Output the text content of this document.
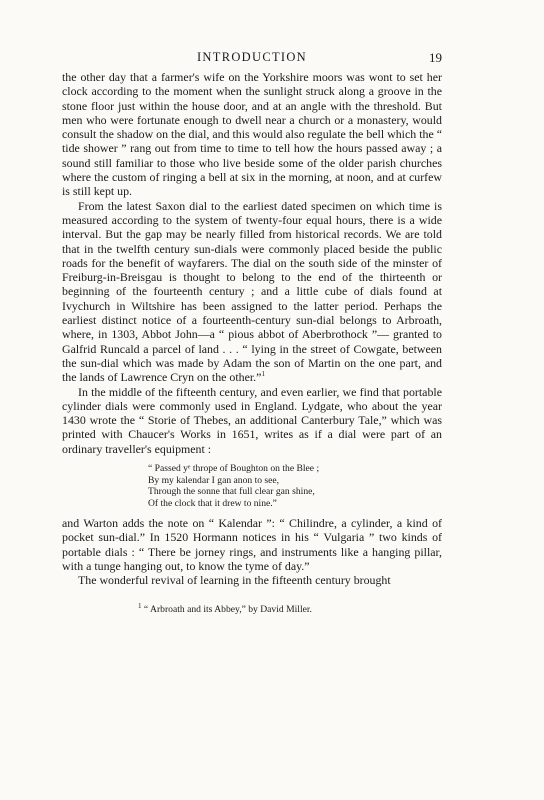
INTRODUCTION	19

the other day that a farmer's wife on the Yorkshire moors was wont to set her clock according to the moment when the sunlight struck along a groove in the stone floor just within the house door, and at an angle with the threshold. But men who were fortunate enough to dwell near a church or a monastery, would consult the shadow on the dial, and this would also regulate the bell which the “ tide shower ” rang out from time to time to tell how the hours passed away ; a sound still familiar to those who live beside some of the older parish churches where the custom of ringing a bell at six in the morning, at noon, and at curfew is still kept up.

From the latest Saxon dial to the earliest dated specimen on which time is measured according to the system of twenty-four equal hours, there is a wide interval. But the gap may be nearly filled from historical records. We are told that in the twelfth century sun-dials were commonly placed beside the public roads for the benefit of wayfarers. The dial on the south side of the minster of Freiburg-in-Breisgau is thought to belong to the end of the thirteenth or beginning of the fourteenth century ; and a little cube of dials found at Ivychurch in Wiltshire has been assigned to the latter period. Perhaps the earliest distinct notice of a fourteenth-century sun-dial belongs to Arbroath, where, in 1303, Abbot John—a “ pious abbot of Aberbrothock ”— granted to Galfrid Runcald a parcel of land . . . “ lying in the street of Cowgate, between the sun-dial which was made by Adam the son of Martin on the one part, and the lands of Lawrence Cryn on the other.”$^1$

In the middle of the fifteenth century, and even earlier, we find that portable cylinder dials were commonly used in England. Lydgate, who about the year 1430 wrote the “ Storie of Thebes, an additional Canterbury Tale,” which was printed with Chaucer's Works in 1651, writes as if a dial were part of an ordinary traveller's equipment :

“ Passed yᵉ thrope of Boughton on the Blee ;
By my kalendar I gan anon to see,
Through the sonne that full clear gan shine,
Of the clock that it drew to nine.”

and Warton adds the note on “ Kalendar ”: “ Chilindre, a cylinder, a kind of pocket sun-dial.” In 1520 Hormann notices in his “ Vulgaria ” two kinds of portable dials : “ There be jorney rings, and instruments like a hanging pillar, with a tunge hanging out, to know the tyme of day.”

The wonderful revival of learning in the fifteenth century brought

$^1$ “ Arbroath and its Abbey,” by David Miller.
